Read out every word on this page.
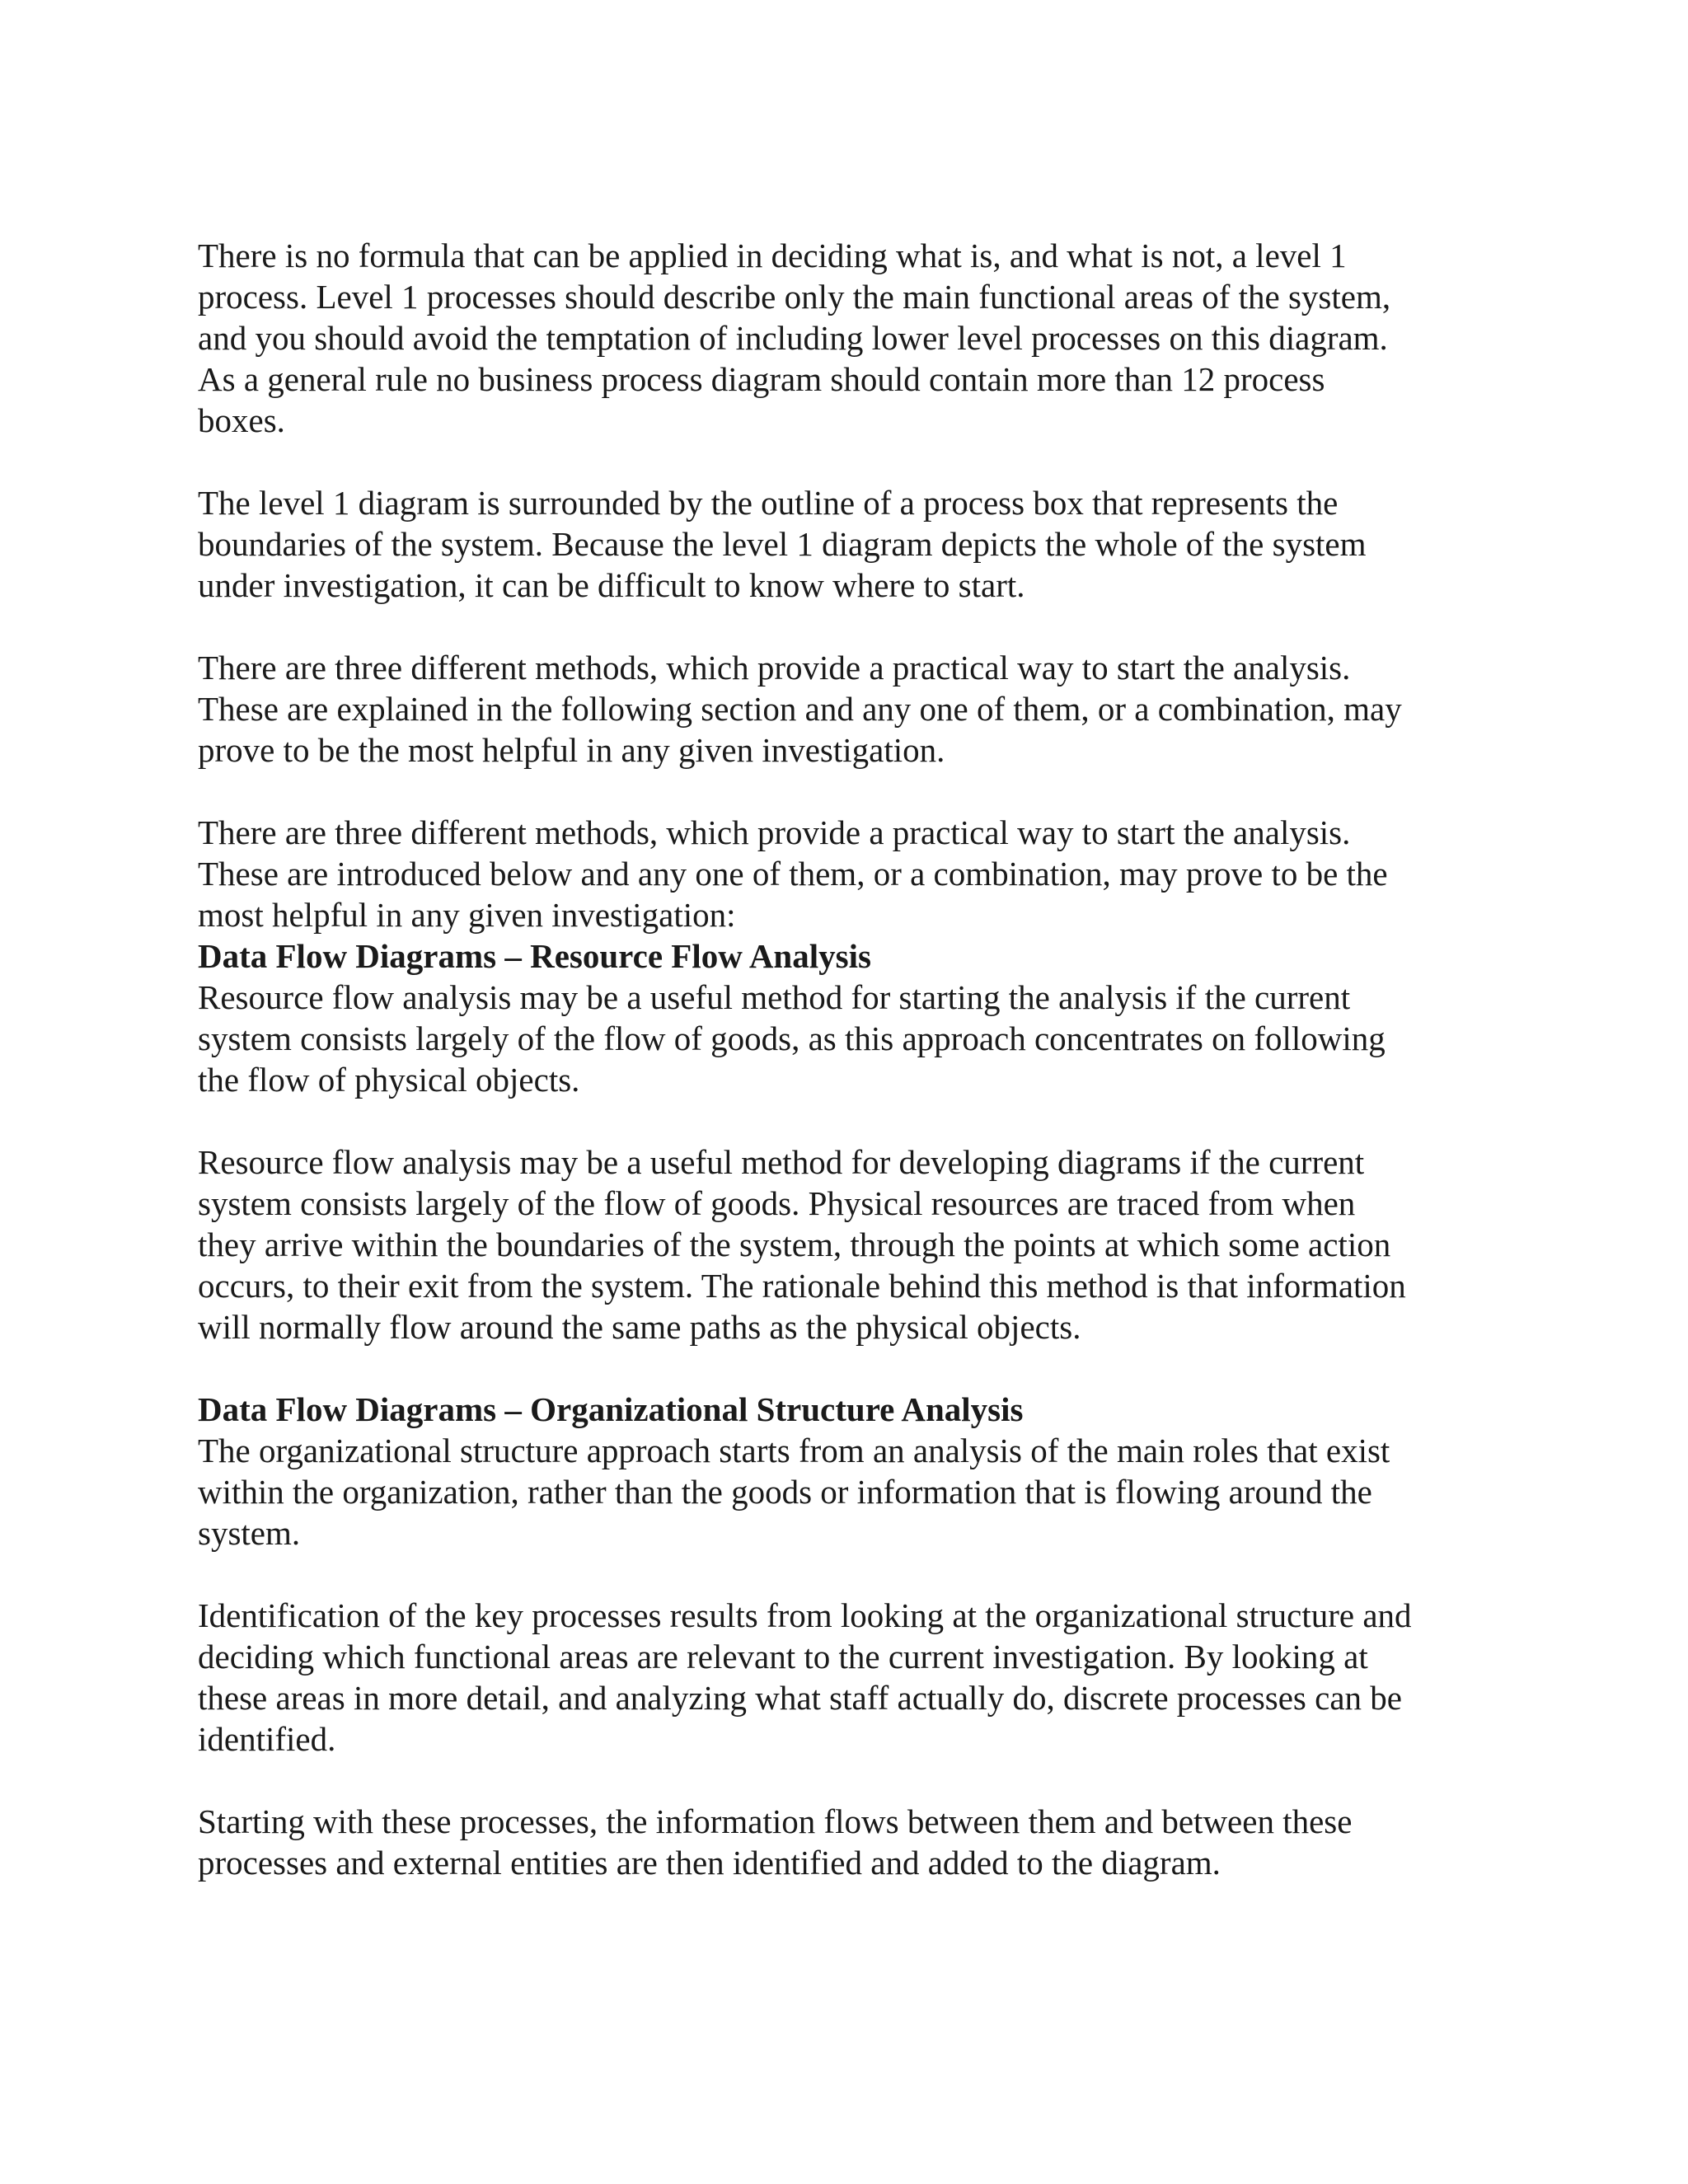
There is no formula that can be applied in deciding what is, and what is not, a level 1
process. Level 1 processes should describe only the main functional areas of the system,
and you should avoid the temptation of including lower level processes on this diagram.
As a general rule no business process diagram should contain more than 12 process
boxes.

The level 1 diagram is surrounded by the outline of a process box that represents the
boundaries of the system. Because the level 1 diagram depicts the whole of the system
under investigation, it can be difficult to know where to start.

There are three different methods, which provide a practical way to start the analysis.
These are explained in the following section and any one of them, or a combination, may
prove to be the most helpful in any given investigation.

There are three different methods, which provide a practical way to start the analysis.
These are introduced below and any one of them, or a combination, may prove to be the
most helpful in any given investigation:

Data Flow Diagrams – Resource Flow Analysis

Resource flow analysis may be a useful method for starting the analysis if the current
system consists largely of the flow of goods, as this approach concentrates on following
the flow of physical objects.

Resource flow analysis may be a useful method for developing diagrams if the current
system consists largely of the flow of goods. Physical resources are traced from when
they arrive within the boundaries of the system, through the points at which some action
occurs, to their exit from the system. The rationale behind this method is that information
will normally flow around the same paths as the physical objects.

Data Flow Diagrams – Organizational Structure Analysis

The organizational structure approach starts from an analysis of the main roles that exist
within the organization, rather than the goods or information that is flowing around the
system.

Identification of the key processes results from looking at the organizational structure and
deciding which functional areas are relevant to the current investigation. By looking at
these areas in more detail, and analyzing what staff actually do, discrete processes can be
identified.

Starting with these processes, the information flows between them and between these
processes and external entities are then identified and added to the diagram.
